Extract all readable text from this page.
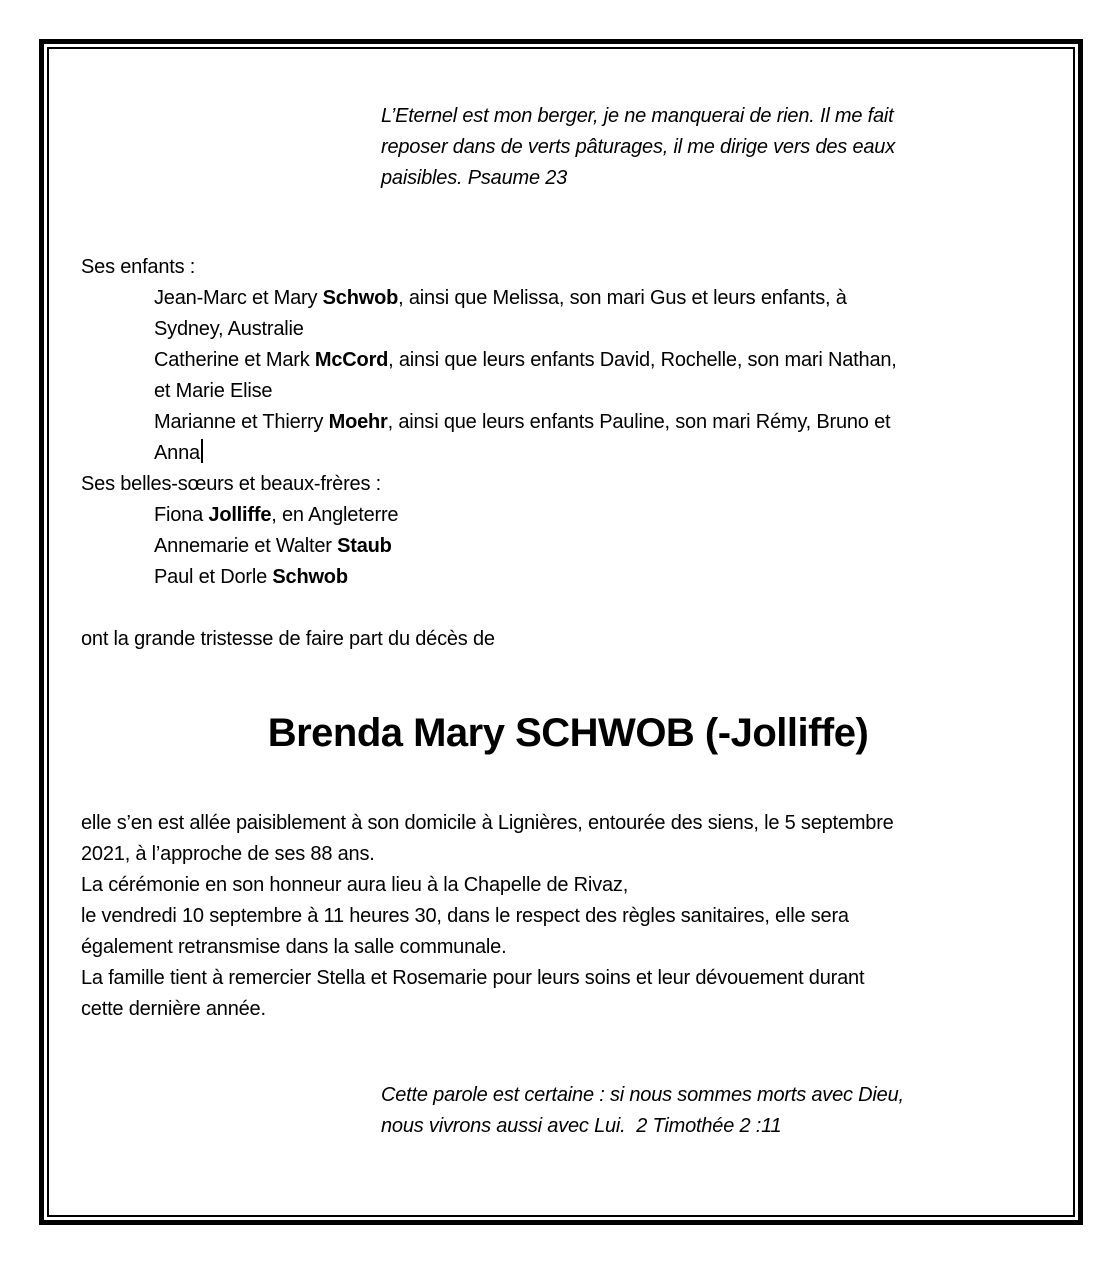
L’Eternel est mon berger, je ne manquerai de rien. Il me fait
reposer dans de verts pâturages, il me dirige vers des eaux
paisibles. Psaume 23
Ses enfants :
Jean-Marc et Mary Schwob, ainsi que Melissa, son mari Gus et leurs enfants, à
Sydney, Australie
Catherine et Mark McCord, ainsi que leurs enfants David, Rochelle, son mari Nathan,
et Marie Elise
Marianne et Thierry Moehr, ainsi que leurs enfants Pauline, son mari Rémy, Bruno et
Anna
Ses belles-sœurs et beaux-frères :
Fiona Jolliffe, en Angleterre
Annemarie et Walter Staub
Paul et Dorle Schwob
ont la grande tristesse de faire part du décès de
Brenda Mary SCHWOB (-Jolliffe)
elle s’en est allée paisiblement à son domicile à Lignières, entourée des siens, le 5 septembre
2021, à l’approche de ses 88 ans.
La cérémonie en son honneur aura lieu à la Chapelle de Rivaz,
le vendredi 10 septembre à 11 heures 30, dans le respect des règles sanitaires, elle sera
également retransmise dans la salle communale.
La famille tient à remercier Stella et Rosemarie pour leurs soins et leur dévouement durant
cette dernière année.
Cette parole est certaine : si nous sommes morts avec Dieu,
nous vivrons aussi avec Lui.  2 Timothée 2 :11
